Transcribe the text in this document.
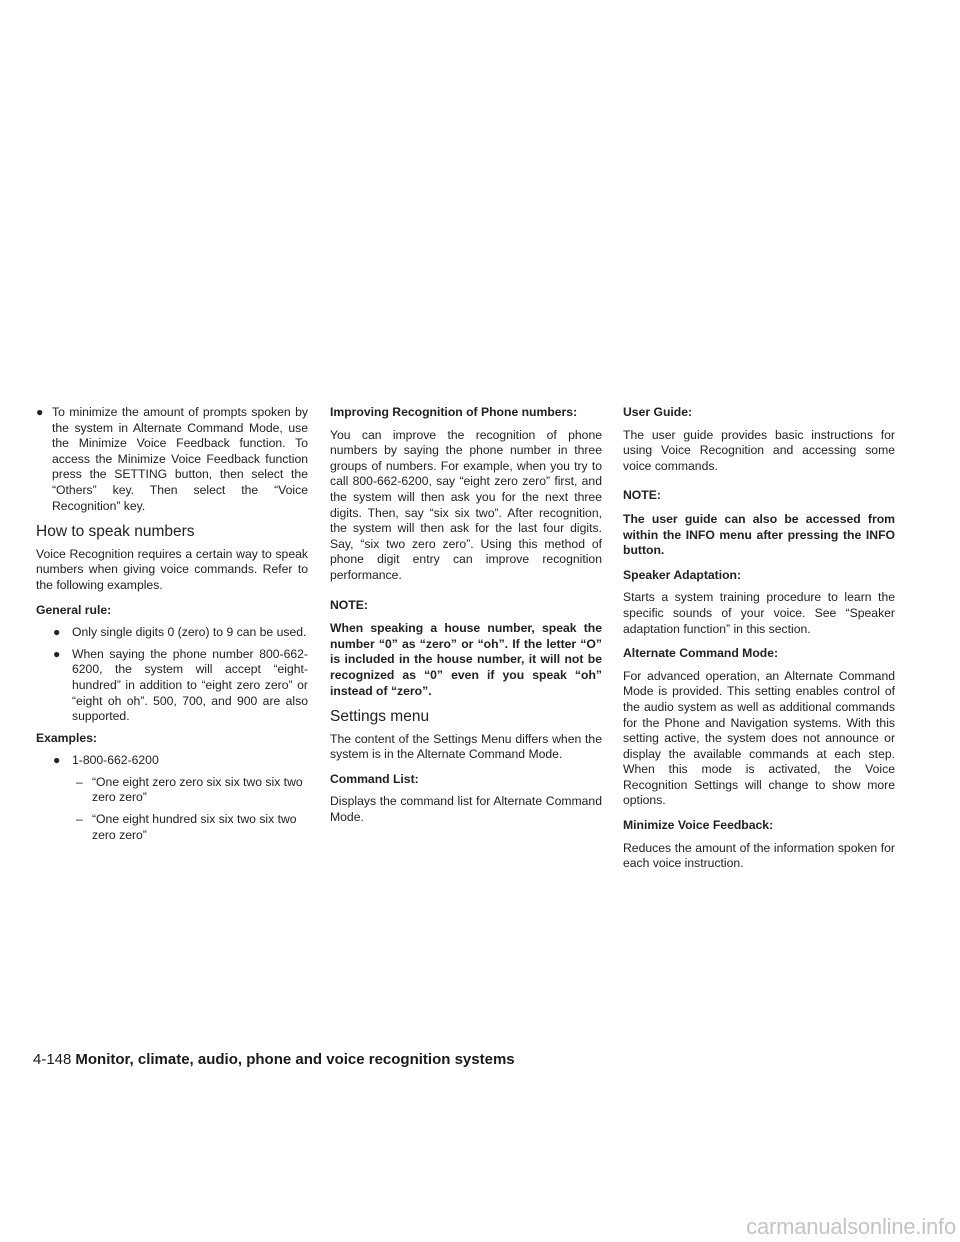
● To minimize the amount of prompts spoken by the system in Alternate Command Mode, use the Minimize Voice Feedback function. To access the Minimize Voice Feedback function press the SETTING button, then select the “Others” key. Then select the “Voice Recognition” key.
How to speak numbers

Voice Recognition requires a certain way to speak numbers when giving voice commands. Refer to the following examples.

General rule:

● Only single digits 0 (zero) to 9 can be used.
● When saying the phone number 800-662-6200, the system will accept “eight-hundred” in addition to “eight zero zero” or “eight oh oh”. 500, 700, and 900 are also supported.

Examples:

● 1-800-662-6200
– “One eight zero zero six six two six two zero zero”
– “One eight hundred six six two six two zero zero”

Improving Recognition of Phone numbers:

You can improve the recognition of phone numbers by saying the phone number in three groups of numbers. For example, when you try to call 800-662-6200, say “eight zero zero” first, and the system will then ask you for the next three digits. Then, say “six six two”. After recognition, the system will then ask for the last four digits. Say, “six two zero zero”. Using this method of phone digit entry can improve recognition performance.

NOTE:

When speaking a house number, speak the number “0” as “zero” or “oh”. If the letter “O” is included in the house number, it will not be recognized as “0” even if you speak “oh” instead of “zero”.

Settings menu

The content of the Settings Menu differs when the system is in the Alternate Command Mode.

Command List:

Displays the command list for Alternate Command Mode.

User Guide:

The user guide provides basic instructions for using Voice Recognition and accessing some voice commands.

NOTE:

The user guide can also be accessed from within the INFO menu after pressing the INFO button.

Speaker Adaptation:

Starts a system training procedure to learn the specific sounds of your voice. See “Speaker adaptation function” in this section.

Alternate Command Mode:

For advanced operation, an Alternate Command Mode is provided. This setting enables control of the audio system as well as additional commands for the Phone and Navigation systems. With this setting active, the system does not announce or display the available commands at each step. When this mode is activated, the Voice Recognition Settings will change to show more options.

Minimize Voice Feedback:

Reduces the amount of the information spoken for each voice instruction.

4-148 Monitor, climate, audio, phone and voice recognition systems
carmanualsonline.info
